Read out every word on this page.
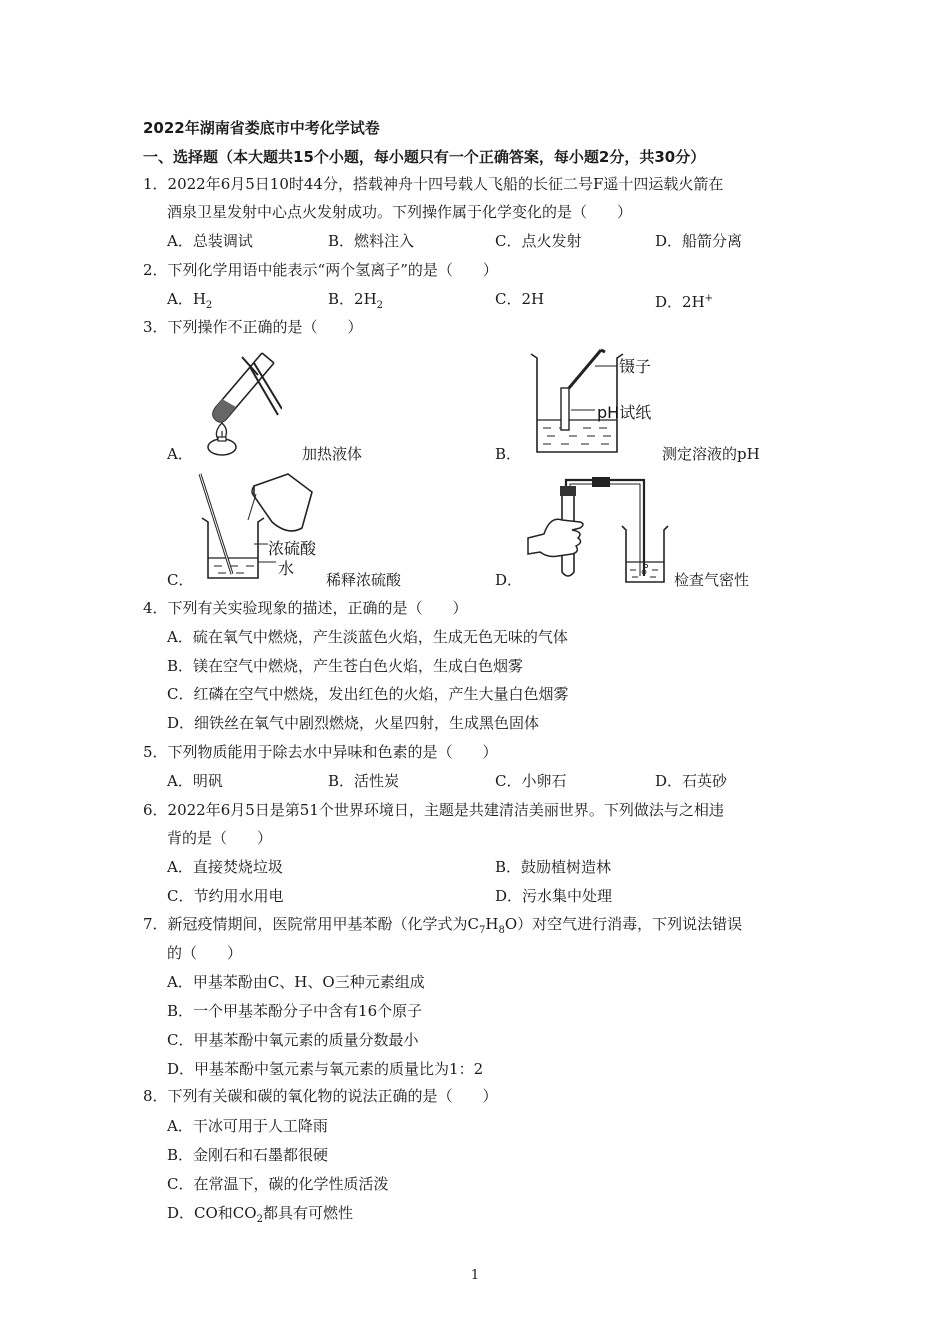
2022年湖南省娄底市中考化学试卷
一、选择题（本大题共15个小题，每小题只有一个正确答案，每小题2分，共30分）
1．2022年6月5日10时44分，搭载神舟十四号载人飞船的长征二号F遥十四运载火箭在
酒泉卫星发射中心点火发射成功。下列操作属于化学变化的是（　　）
A．总装调试	B．燃料注入	C．点火发射	D．船箭分离
2．下列化学用语中能表示“两个氢离子”的是（　　）
A．$H_2$	B．$2H_2$	C．2H	D．2H+
3．下列操作不正确的是（　　）
A．	加热液体
镊子
pH试纸
B．	测定溶液的pH
浓硫酸
水
C．	稀释浓硫酸	D．	检查气密性
4．下列有关实验现象的描述，正确的是（　　）
A．硫在氧气中燃烧，产生淡蓝色火焰，生成无色无味的气体
B．镁在空气中燃烧，产生苍白色火焰，生成白色烟雾
C．红磷在空气中燃烧，发出红色的火焰，产生大量白色烟雾
D．细铁丝在氧气中剧烈燃烧，火星四射，生成黑色固体
5．下列物质能用于除去水中异味和色素的是（　　）
A．明矾	B．活性炭	C．小卵石	D．石英砂
6．2022年6月5日是第51个世界环境日，主题是共建清洁美丽世界。下列做法与之相违
背的是（　　）
A．直接焚烧垃圾	B．鼓励植树造林
C．节约用水用电	D．污水集中处理
7．新冠疫情期间，医院常用甲基苯酚（化学式为$C_7H_8O$）对空气进行消毒，下列说法错误
的（　　）
A．甲基苯酚由C、H、O三种元素组成
B．一个甲基苯酚分子中含有16个原子
C．甲基苯酚中氧元素的质量分数最小
D．甲基苯酚中氢元素与氧元素的质量比为1：2
8．下列有关碳和碳的氧化物的说法正确的是（　　）
A．干冰可用于人工降雨
B．金刚石和石墨都很硬
C．在常温下，碳的化学性质活泼
D．CO和$CO_2$都具有可燃性
1
